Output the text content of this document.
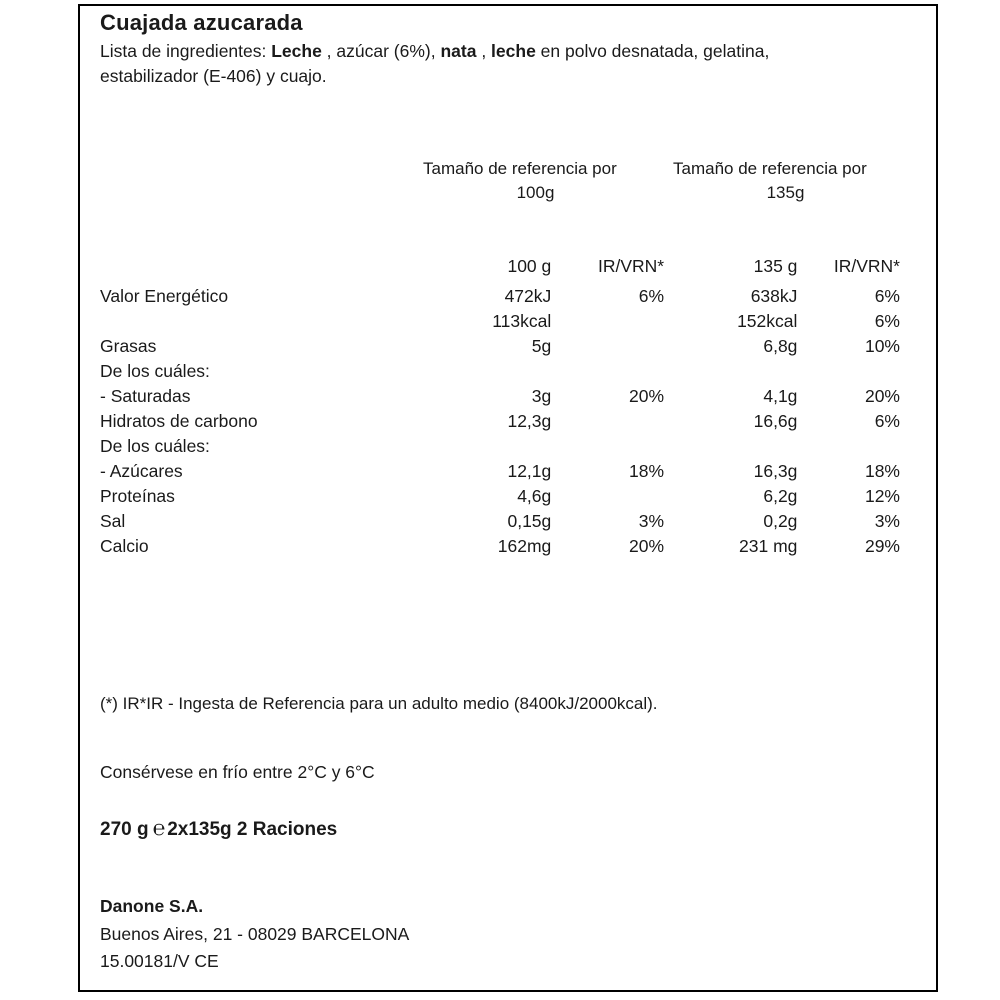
Cuajada azucarada
Lista de ingredientes: Leche , azúcar (6%), nata , leche en polvo desnatada, gelatina, estabilizador (E-406) y cuajo.
Tamaño de referencia por
100g
Tamaño de referencia por
135g
	100 g	IR/VRN*	135 g	IR/VRN*
Valor Energético	472kJ	6%	638kJ	6%
	113kcal		152kcal	6%
Grasas	5g		6,8g	10%
De los cuáles:				
- Saturadas	3g	20%	4,1g	20%
Hidratos de carbono	12,3g		16,6g	6%
De los cuáles:				
- Azúcares	12,1g	18%	16,3g	18%
Proteínas	4,6g		6,2g	12%
Sal	0,15g	3%	0,2g	3%
Calcio	162mg	20%	231 mg	29%
(*) IR*IR - Ingesta de Referencia para un adulto medio (8400kJ/2000kcal).
Consérvese en frío entre 2°C y 6°C
270 g ℮ 2x135g 2 Raciones
Danone S.A.
Buenos Aires, 21 - 08029 BARCELONA
15.00181/V CE
